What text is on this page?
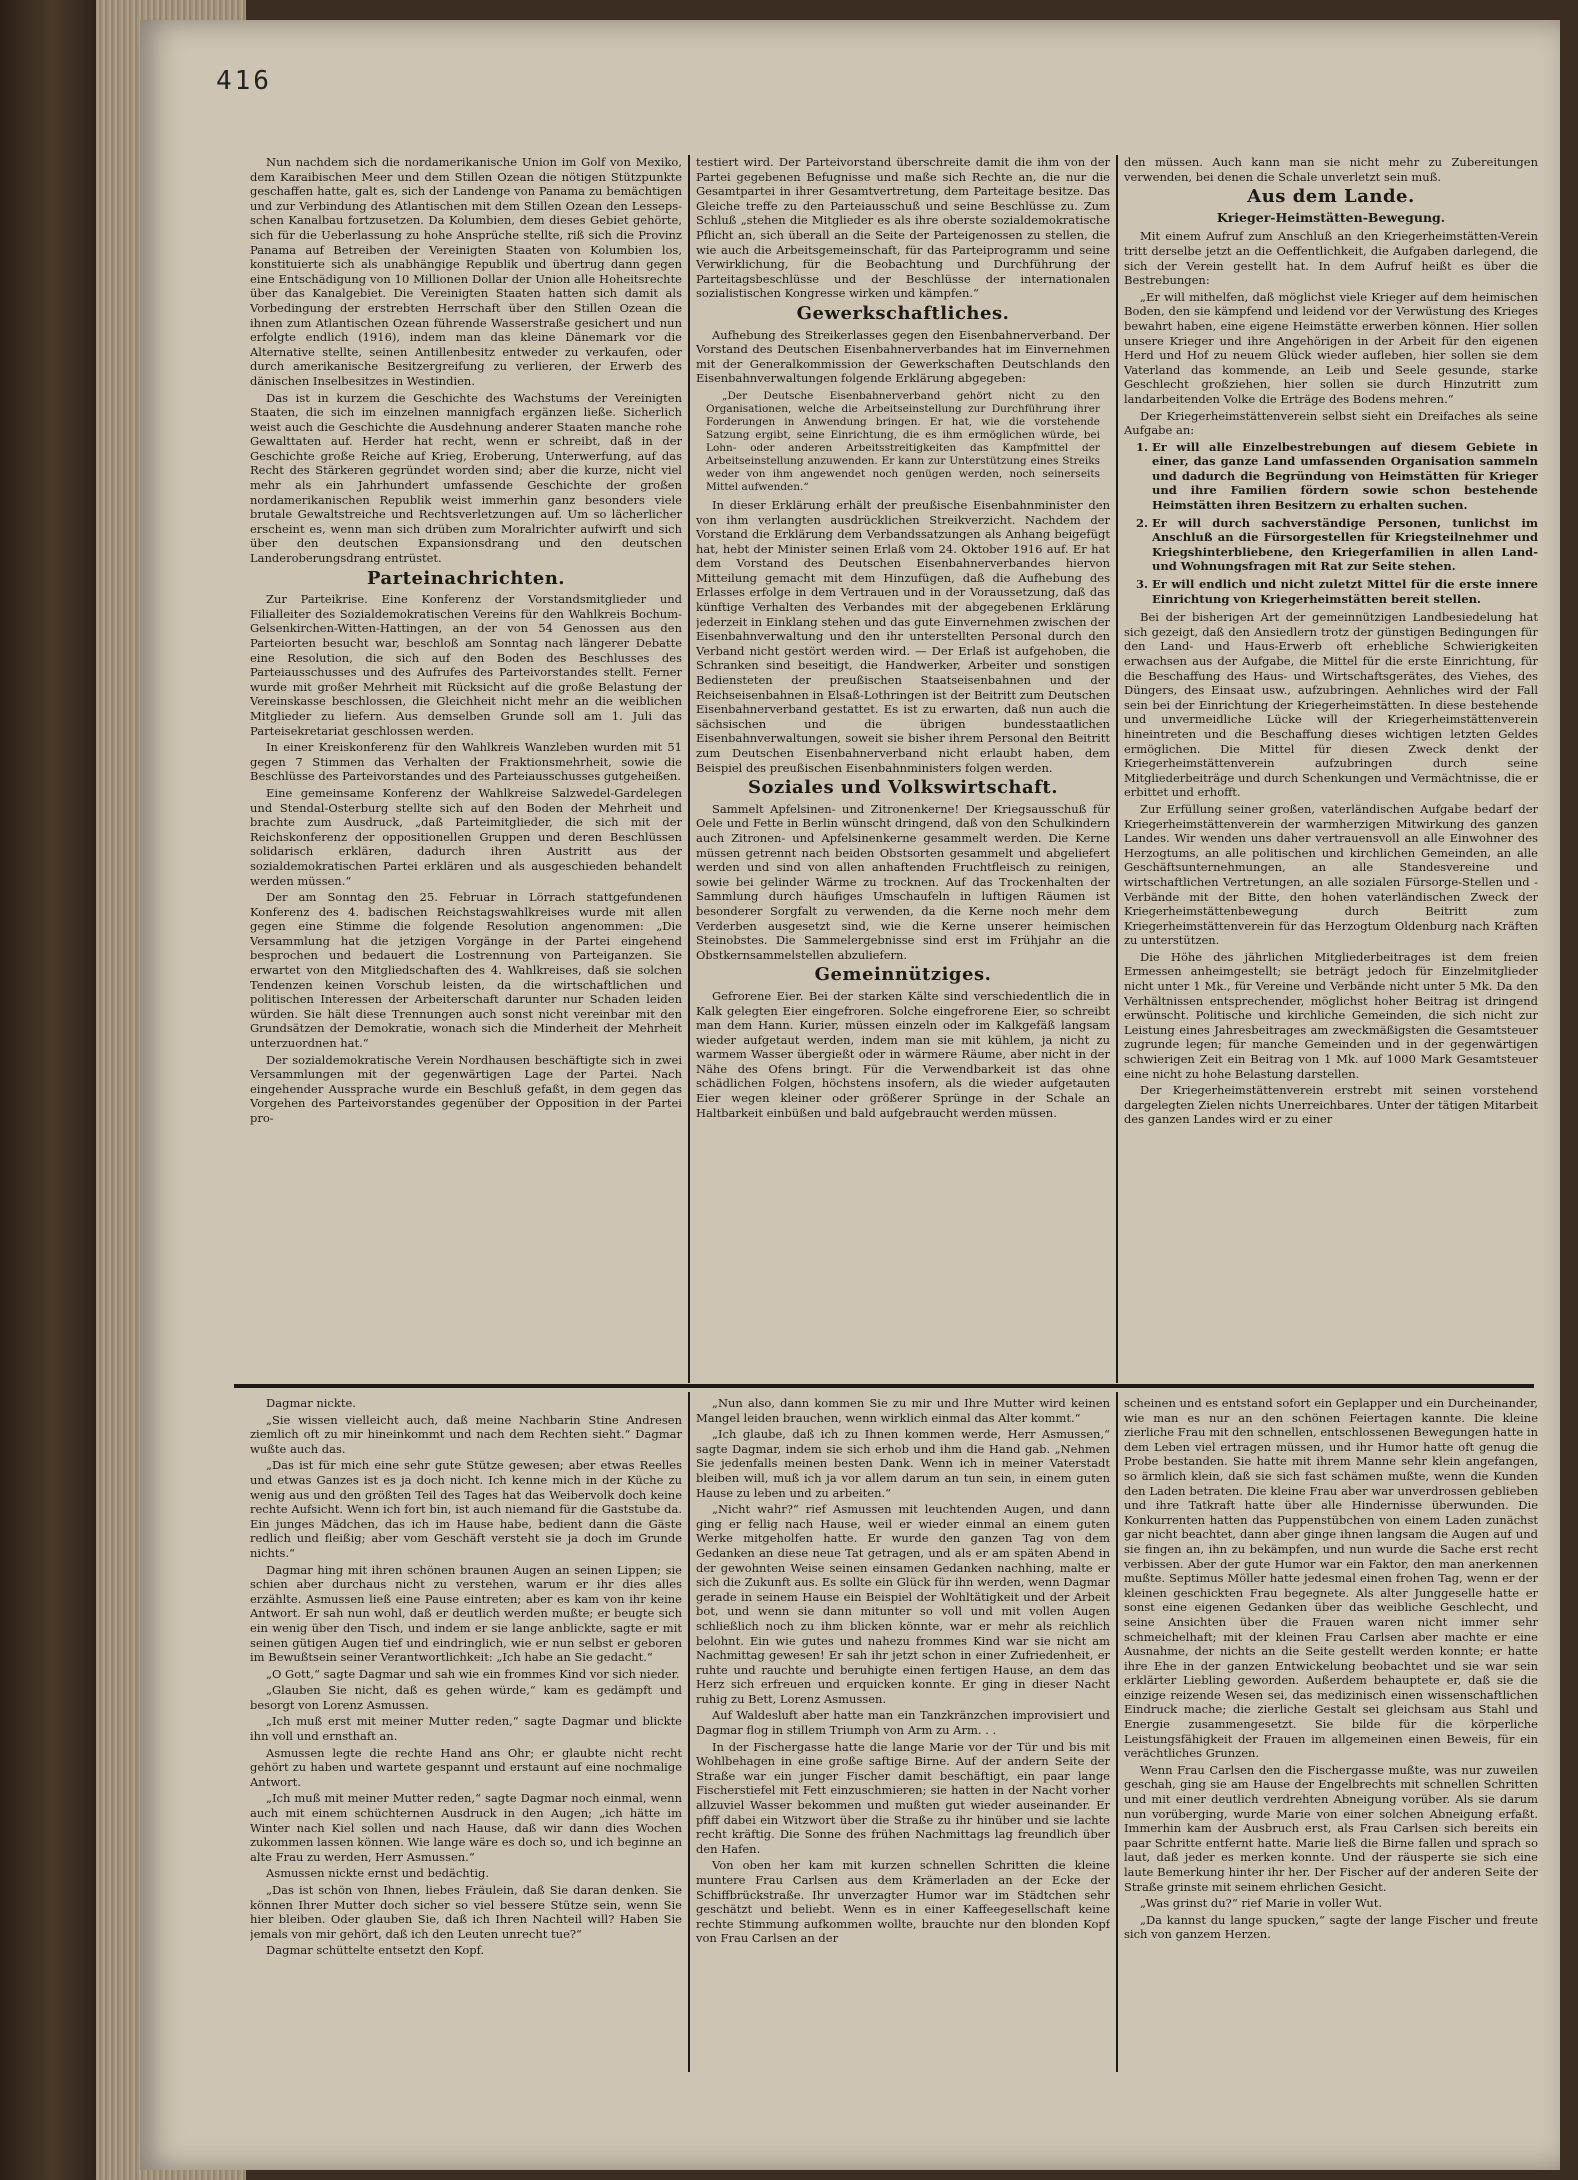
416

Nun nachdem sich die nordamerikanische Union im Golf von Mexiko, dem Karaibischen Meer und dem Stillen Ozean die nötigen Stützpunkte geschaffen hatte, galt es, sich der Landenge von Panama zu bemächtigen und zur Verbindung des Atlantischen mit dem Stillen Ozean den Lesseps-schen Kanalbau fortzusetzen. Da Kolumbien, dem dieses Gebiet gehörte, sich für die Ueberlassung zu hohe Ansprüche stellte, riß sich die Provinz Panama auf Betreiben der Vereinigten Staaten von Kolumbien los, konstituierte sich als unabhängige Republik und übertrug dann gegen eine Entschädigung von 10 Millionen Dollar der Union alle Hoheitsrechte über das Kanalgebiet. Die Vereinigten Staaten hatten sich damit als Vorbedingung der erstrebten Herrschaft über den Stillen Ozean die ihnen zum Atlantischen Ozean führende Wasserstraße gesichert und nun erfolgte endlich (1916), indem man das kleine Dänemark vor die Alternative stellte, seinen Antillenbesitz entweder zu verkaufen, oder durch amerikanische Besitzergreifung zu verlieren, der Erwerb des dänischen Inselbesitzes in Westindien.

Das ist in kurzem die Geschichte des Wachstums der Vereinigten Staaten, die sich im einzelnen mannigfach ergänzen ließe. Sicherlich weist auch die Geschichte die Ausdehnung anderer Staaten manche rohe Gewalttaten auf. Herder hat recht, wenn er schreibt, daß in der Geschichte große Reiche auf Krieg, Eroberung, Unterwerfung, auf das Recht des Stärkeren gegründet worden sind; aber die kurze, nicht viel mehr als ein Jahrhundert umfassende Geschichte der großen nordamerikanischen Republik weist immerhin ganz besonders viele brutale Gewaltstreiche und Rechtsverletzungen auf. Um so lächerlicher erscheint es, wenn man sich drüben zum Moralrichter aufwirft und sich über den deutschen Expansionsdrang und den deutschen Landeroberungsdrang entrüstet.

Parteinachrichten.

Zur Parteikrise. Eine Konferenz der Vorstandsmitglieder und Filialleiter des Sozialdemokratischen Vereins für den Wahlkreis Bochum-Gelsenkirchen-Witten-Hattingen, an der von 54 Genossen aus den Parteiorten besucht war, beschloß am Sonntag nach längerer Debatte eine Resolution, die sich auf den Boden des Beschlusses des Parteiausschusses und des Aufrufes des Parteivorstandes stellt. Ferner wurde mit großer Mehrheit mit Rücksicht auf die große Belastung der Vereinskasse beschlossen, die Gleichheit nicht mehr an die weiblichen Mitglieder zu liefern. Aus demselben Grunde soll am 1. Juli das Parteisekretariat geschlossen werden.

In einer Kreiskonferenz für den Wahlkreis Wanzleben wurden mit 51 gegen 7 Stimmen das Verhalten der Fraktionsmehrheit, sowie die Beschlüsse des Parteivorstandes und des Parteiausschusses gutgeheißen.

Eine gemeinsame Konferenz der Wahlkreise Salzwedel-Gardelegen und Stendal-Osterburg stellte sich auf den Boden der Mehrheit und brachte zum Ausdruck, „daß Parteimitglieder, die sich mit der Reichskonferenz der oppositionellen Gruppen und deren Beschlüssen solidarisch erklären, dadurch ihren Austritt aus der sozialdemokratischen Partei erklären und als ausgeschieden behandelt werden müssen.“

Der am Sonntag den 25. Februar in Lörrach stattgefundenen Konferenz des 4. badischen Reichstagswahlkreises wurde mit allen gegen eine Stimme die folgende Resolution angenommen: „Die Versammlung hat die jetzigen Vorgänge in der Partei eingehend besprochen und bedauert die Lostrennung von Parteiganzen. Sie erwartet von den Mitgliedschaften des 4. Wahlkreises, daß sie solchen Tendenzen keinen Vorschub leisten, da die wirtschaftlichen und politischen Interessen der Arbeiterschaft darunter nur Schaden leiden würden. Sie hält diese Trennungen auch sonst nicht vereinbar mit den Grundsätzen der Demokratie, wonach sich die Minderheit der Mehrheit unterzuordnen hat.“

Der sozialdemokratische Verein Nordhausen beschäftigte sich in zwei Versammlungen mit der gegenwärtigen Lage der Partei. Nach eingehender Aussprache wurde ein Beschluß gefaßt, in dem gegen das Vorgehen des Parteivorstandes gegenüber der Opposition in der Partei pro-

testiert wird. Der Parteivorstand überschreite damit die ihm von der Partei gegebenen Befugnisse und maße sich Rechte an, die nur die Gesamtpartei in ihrer Gesamtvertretung, dem Parteitage besitze. Das Gleiche treffe zu den Parteiausschuß und seine Beschlüsse zu. Zum Schluß „stehen die Mitglieder es als ihre oberste sozialdemokratische Pflicht an, sich überall an die Seite der Parteigenossen zu stellen, die wie auch die Arbeitsgemeinschaft, für das Parteiprogramm und seine Verwirklichung, für die Beobachtung und Durchführung der Parteitagsbeschlüsse und der Beschlüsse der internationalen sozialistischen Kongresse wirken und kämpfen.“

Gewerkschaftliches.

Aufhebung des Streikerlasses gegen den Eisenbahnerverband. Der Vorstand des Deutschen Eisenbahnerverbandes hat im Einvernehmen mit der Generalkommission der Gewerkschaften Deutschlands den Eisenbahnverwaltungen folgende Erklärung abgegeben:

„Der Deutsche Eisenbahnerverband gehört nicht zu den Organisationen, welche die Arbeitseinstellung zur Durchführung ihrer Forderungen in Anwendung bringen. Er hat, wie die vorstehende Satzung ergibt, seine Einrichtung, die es ihm ermöglichen würde, bei Lohn- oder anderen Arbeitsstreitigkeiten das Kampfmittel der Arbeitseinstellung anzuwenden. Er kann zur Unterstützung eines Streiks weder von ihm angewendet noch genügen werden, noch seinerseits Mittel aufwenden.“

In dieser Erklärung erhält der preußische Eisenbahnminister den von ihm verlangten ausdrücklichen Streikverzicht. Nachdem der Vorstand die Erklärung dem Verbandssatzungen als Anhang beigefügt hat, hebt der Minister seinen Erlaß vom 24. Oktober 1916 auf. Er hat dem Vorstand des Deutschen Eisenbahnerverbandes hiervon Mitteilung gemacht mit dem Hinzufügen, daß die Aufhebung des Erlasses erfolge in dem Vertrauen und in der Voraussetzung, daß das künftige Verhalten des Verbandes mit der abgegebenen Erklärung jederzeit in Einklang stehen und das gute Einvernehmen zwischen der Eisenbahnverwaltung und den ihr unterstellten Personal durch den Verband nicht gestört werden wird. — Der Erlaß ist aufgehoben, die Schranken sind beseitigt, die Handwerker, Arbeiter und sonstigen Bediensteten der preußischen Staatseisenbahnen und der Reichseisenbahnen in Elsaß-Lothringen ist der Beitritt zum Deutschen Eisenbahnerverband gestattet. Es ist zu erwarten, daß nun auch die sächsischen und die übrigen bundesstaatlichen Eisenbahnverwaltungen, soweit sie bisher ihrem Personal den Beitritt zum Deutschen Eisenbahnerverband nicht erlaubt haben, dem Beispiel des preußischen Eisenbahnministers folgen werden.

Soziales und Volkswirtschaft.

Sammelt Apfelsinen- und Zitronenkerne! Der Kriegsausschuß für Oele und Fette in Berlin wünscht dringend, daß von den Schulkindern auch Zitronen- und Apfelsinenkerne gesammelt werden. Die Kerne müssen getrennt nach beiden Obstsorten gesammelt und abgeliefert werden und sind von allen anhaftenden Fruchtfleisch zu reinigen, sowie bei gelinder Wärme zu trocknen. Auf das Trockenhalten der Sammlung durch häufiges Umschaufeln in luftigen Räumen ist besonderer Sorgfalt zu verwenden, da die Kerne noch mehr dem Verderben ausgesetzt sind, wie die Kerne unserer heimischen Steinobstes. Die Sammelergebnisse sind erst im Frühjahr an die Obstkernsammelstellen abzuliefern.

Gemeinnütziges.

Gefrorene Eier. Bei der starken Kälte sind verschiedentlich die in Kalk gelegten Eier eingefroren. Solche eingefrorene Eier, so schreibt man dem Hann. Kurier, müssen einzeln oder im Kalkgefäß langsam wieder aufgetaut werden, indem man sie mit kühlem, ja nicht zu warmem Wasser übergießt oder in wärmere Räume, aber nicht in der Nähe des Ofens bringt. Für die Verwendbarkeit ist das ohne schädlichen Folgen, höchstens insofern, als die wieder aufgetauten Eier wegen kleiner oder größerer Sprünge in der Schale an Haltbarkeit einbüßen und bald aufgebraucht werden müssen.

den müssen. Auch kann man sie nicht mehr zu Zubereitungen verwenden, bei denen die Schale unverletzt sein muß.

Aus dem Lande.
Krieger-Heimstätten-Bewegung.

Mit einem Aufruf zum Anschluß an den Kriegerheimstätten-Verein tritt derselbe jetzt an die Oeffentlichkeit, die Aufgaben darlegend, die sich der Verein gestellt hat. In dem Aufruf heißt es über die Bestrebungen:

„Er will mithelfen, daß möglichst viele Krieger auf dem heimischen Boden, den sie kämpfend und leidend vor der Verwüstung des Krieges bewahrt haben, eine eigene Heimstätte erwerben können. Hier sollen unsere Krieger und ihre Angehörigen in der Arbeit für den eigenen Herd und Hof zu neuem Glück wieder aufleben, hier sollen sie dem Vaterland das kommende, an Leib und Seele gesunde, starke Geschlecht großziehen, hier sollen sie durch Hinzutritt zum landarbeitenden Volke die Erträge des Bodens mehren.“

Der Kriegerheimstättenverein selbst sieht ein Dreifaches als seine Aufgabe an:

1. Er will alle Einzelbestrebungen auf diesem Gebiete in einer, das ganze Land umfassenden Organisation sammeln und dadurch die Begründung von Heimstätten für Krieger und ihre Familien fördern sowie schon bestehende Heimstätten ihren Besitzern zu erhalten suchen.
2. Er will durch sachverständige Personen, tunlichst im Anschluß an die Fürsorgestellen für Kriegsteilnehmer und Kriegshinterbliebene, den Kriegerfamilien in allen Land- und Wohnungsfragen mit Rat zur Seite stehen.
3. Er will endlich und nicht zuletzt Mittel für die erste innere Einrichtung von Kriegerheimstätten bereit stellen.

Bei der bisherigen Art der gemeinnützigen Landbesiedelung hat sich gezeigt, daß den Ansiedlern trotz der günstigen Bedingungen für den Land- und Haus-Erwerb oft erhebliche Schwierigkeiten erwachsen aus der Aufgabe, die Mittel für die erste Einrichtung, für die Beschaffung des Haus- und Wirtschaftsgerätes, des Viehes, des Düngers, des Einsaat usw., aufzubringen. Aehnliches wird der Fall sein bei der Einrichtung der Kriegerheimstätten. In diese bestehende und unvermeidliche Lücke will der Kriegerheimstättenverein hineintreten und die Beschaffung dieses wichtigen letzten Geldes ermöglichen. Die Mittel für diesen Zweck denkt der Kriegerheimstättenverein aufzubringen durch seine Mitgliederbeiträge und durch Schenkungen und Vermächtnisse, die er erbittet und erhofft.

Zur Erfüllung seiner großen, vaterländischen Aufgabe bedarf der Kriegerheimstättenverein der warmherzigen Mitwirkung des ganzen Landes. Wir wenden uns daher vertrauensvoll an alle Einwohner des Herzogtums, an alle politischen und kirchlichen Gemeinden, an alle Geschäftsunternehmungen, an alle Standesvereine und wirtschaftlichen Vertretungen, an alle sozialen Fürsorge-Stellen und -Verbände mit der Bitte, den hohen vaterländischen Zweck der Kriegerheimstättenbewegung durch Beitritt zum Kriegerheimstättenverein für das Herzogtum Oldenburg nach Kräften zu unterstützen.

Die Höhe des jährlichen Mitgliederbeitrages ist dem freien Ermessen anheimgestellt; sie beträgt jedoch für Einzelmitglieder nicht unter 1 Mk., für Vereine und Verbände nicht unter 5 Mk. Da den Verhältnissen entsprechender, möglichst hoher Beitrag ist dringend erwünscht. Politische und kirchliche Gemeinden, die sich nicht zur Leistung eines Jahresbeitrages am zweckmäßigsten die Gesamtsteuer zugrunde legen; für manche Gemeinden und in der gegenwärtigen schwierigen Zeit ein Beitrag von 1 Mk. auf 1000 Mark Gesamtsteuer eine nicht zu hohe Belastung darstellen.

Der Kriegerheimstättenverein erstrebt mit seinen vorstehend dargelegten Zielen nichts Unerreichbares. Unter der tätigen Mitarbeit des ganzen Landes wird er zu einer

Dagmar nickte.

„Sie wissen vielleicht auch, daß meine Nachbarin Stine Andresen ziemlich oft zu mir hineinkommt und nach dem Rechten sieht.“ Dagmar wußte auch das.

„Das ist für mich eine sehr gute Stütze gewesen; aber etwas Reelles und etwas Ganzes ist es ja doch nicht. Ich kenne mich in der Küche zu wenig aus und den größten Teil des Tages hat das Weibervolk doch keine rechte Aufsicht. Wenn ich fort bin, ist auch niemand für die Gaststube da. Ein junges Mädchen, das ich im Hause habe, bedient dann die Gäste redlich und fleißig; aber vom Geschäft versteht sie ja doch im Grunde nichts.“

Dagmar hing mit ihren schönen braunen Augen an seinen Lippen; sie schien aber durchaus nicht zu verstehen, warum er ihr dies alles erzählte. Asmussen ließ eine Pause eintreten; aber es kam von ihr keine Antwort. Er sah nun wohl, daß er deutlich werden mußte; er beugte sich ein wenig über den Tisch, und indem er sie lange anblickte, sagte er mit seinen gütigen Augen tief und eindringlich, wie er nun selbst er geboren im Bewußtsein seiner Verantwortlichkeit: „Ich habe an Sie gedacht.“

„O Gott,“ sagte Dagmar und sah wie ein frommes Kind vor sich nieder.

„Glauben Sie nicht, daß es gehen würde,“ kam es gedämpft und besorgt von Lorenz Asmussen.

„Ich muß erst mit meiner Mutter reden,“ sagte Dagmar und blickte ihn voll und ernsthaft an.

Asmussen legte die rechte Hand ans Ohr; er glaubte nicht recht gehört zu haben und wartete gespannt und erstaunt auf eine nochmalige Antwort.

„Ich muß mit meiner Mutter reden,“ sagte Dagmar noch einmal, wenn auch mit einem schüchternen Ausdruck in den Augen; „ich hätte im Winter nach Kiel sollen und nach Hause, daß wir dann dies Wochen zukommen lassen können. Wie lange wäre es doch so, und ich beginne an alte Frau zu werden, Herr Asmussen.“

Asmussen nickte ernst und bedächtig.

„Das ist schön von Ihnen, liebes Fräulein, daß Sie daran denken. Sie können Ihrer Mutter doch sicher so viel bessere Stütze sein, wenn Sie hier bleiben. Oder glauben Sie, daß ich Ihren Nachteil will? Haben Sie jemals von mir gehört, daß ich den Leuten unrecht tue?“

Dagmar schüttelte entsetzt den Kopf.

„Nun also, dann kommen Sie zu mir und Ihre Mutter wird keinen Mangel leiden brauchen, wenn wirklich einmal das Alter kommt.“

„Ich glaube, daß ich zu Ihnen kommen werde, Herr Asmussen,“ sagte Dagmar, indem sie sich erhob und ihm die Hand gab. „Nehmen Sie jedenfalls meinen besten Dank. Wenn ich in meiner Vaterstadt bleiben will, muß ich ja vor allem darum an tun sein, in einem guten Hause zu leben und zu arbeiten.“

„Nicht wahr?“ rief Asmussen mit leuchtenden Augen, und dann ging er fellig nach Hause, weil er wieder einmal an einem guten Werke mitgeholfen hatte. Er wurde den ganzen Tag von dem Gedanken an diese neue Tat getragen, und als er am späten Abend in der gewohnten Weise seinen einsamen Gedanken nachhing, malte er sich die Zukunft aus. Es sollte ein Glück für ihn werden, wenn Dagmar gerade in seinem Hause ein Beispiel der Wohltätigkeit und der Arbeit bot, und wenn sie dann mitunter so voll und mit vollen Augen schließlich noch zu ihm blicken könnte, war er mehr als reichlich belohnt. Ein wie gutes und nahezu frommes Kind war sie nicht am Nachmittag gewesen! Er sah ihr jetzt schon in einer Zufriedenheit, er ruhte und rauchte und beruhigte einen fertigen Hause, an dem das Herz sich erfreuen und erquicken konnte. Er ging in dieser Nacht ruhig zu Bett, Lorenz Asmussen.

Auf Waldesluft aber hatte man ein Tanzkränzchen improvisiert und Dagmar flog in stillem Triumph von Arm zu Arm. . .

In der Fischergasse hatte die lange Marie vor der Tür und bis mit Wohlbehagen in eine große saftige Birne. Auf der andern Seite der Straße war ein junger Fischer damit beschäftigt, ein paar lange Fischerstiefel mit Fett einzuschmieren; sie hatten in der Nacht vorher allzuviel Wasser bekommen und mußten gut wieder auseinander. Er pfiff dabei ein Witzwort über die Straße zu ihr hinüber und sie lachte recht kräftig. Die Sonne des frühen Nachmittags lag freundlich über den Hafen.

Von oben her kam mit kurzen schnellen Schritten die kleine muntere Frau Carlsen aus dem Krämerladen an der Ecke der Schiffbrückstraße. Ihr unverzagter Humor war im Städtchen sehr geschätzt und beliebt. Wenn es in einer Kaffeegesellschaft keine rechte Stimmung aufkommen wollte, brauchte nur den blonden Kopf von Frau Carlsen an der

scheinen und es entstand sofort ein Geplapper und ein Durcheinander, wie man es nur an den schönen Feiertagen kannte. Die kleine zierliche Frau mit den schnellen, entschlossenen Bewegungen hatte in dem Leben viel ertragen müssen, und ihr Humor hatte oft genug die Probe bestanden. Sie hatte mit ihrem Manne sehr klein angefangen, so ärmlich klein, daß sie sich fast schämen mußte, wenn die Kunden den Laden betraten. Die kleine Frau aber war unverdrossen geblieben und ihre Tatkraft hatte über alle Hindernisse überwunden. Die Konkurrenten hatten das Puppenstübchen von einem Laden zunächst gar nicht beachtet, dann aber ginge ihnen langsam die Augen auf und sie fingen an, ihn zu bekämpfen, und nun wurde die Sache erst recht verbissen. Aber der gute Humor war ein Faktor, den man anerkennen mußte. Septimus Möller hatte jedesmal einen frohen Tag, wenn er der kleinen geschickten Frau begegnete. Als alter Junggeselle hatte er sonst eine eigenen Gedanken über das weibliche Geschlecht, und seine Ansichten über die Frauen waren nicht immer sehr schmeichelhaft; mit der kleinen Frau Carlsen aber machte er eine Ausnahme, der nichts an die Seite gestellt werden konnte; er hatte ihre Ehe in der ganzen Entwickelung beobachtet und sie war sein erklärter Liebling geworden. Außerdem behauptete er, daß sie die einzige reizende Wesen sei, das medizinisch einen wissenschaftlichen Eindruck mache; die zierliche Gestalt sei gleichsam aus Stahl und Energie zusammengesetzt. Sie bilde für die körperliche Leistungsfähigkeit der Frauen im allgemeinen einen Beweis, für ein verächtliches Grunzen.

Wenn Frau Carlsen den die Fischergasse mußte, was nur zuweilen geschah, ging sie am Hause der Engelbrechts mit schnellen Schritten und mit einer deutlich verdrehten Abneigung vorüber. Als sie darum nun vorüberging, wurde Marie von einer solchen Abneigung erfaßt. Immerhin kam der Ausbruch erst, als Frau Carlsen sich bereits ein paar Schritte entfernt hatte. Marie ließ die Birne fallen und sprach so laut, daß jeder es merken konnte. Und der räusperte sie sich eine laute Bemerkung hinter ihr her. Der Fischer auf der anderen Seite der Straße grinste mit seinem ehrlichen Gesicht.

„Was grinst du?“ rief Marie in voller Wut.

„Da kannst du lange spucken,“ sagte der lange Fischer und freute sich von ganzem Herzen.
